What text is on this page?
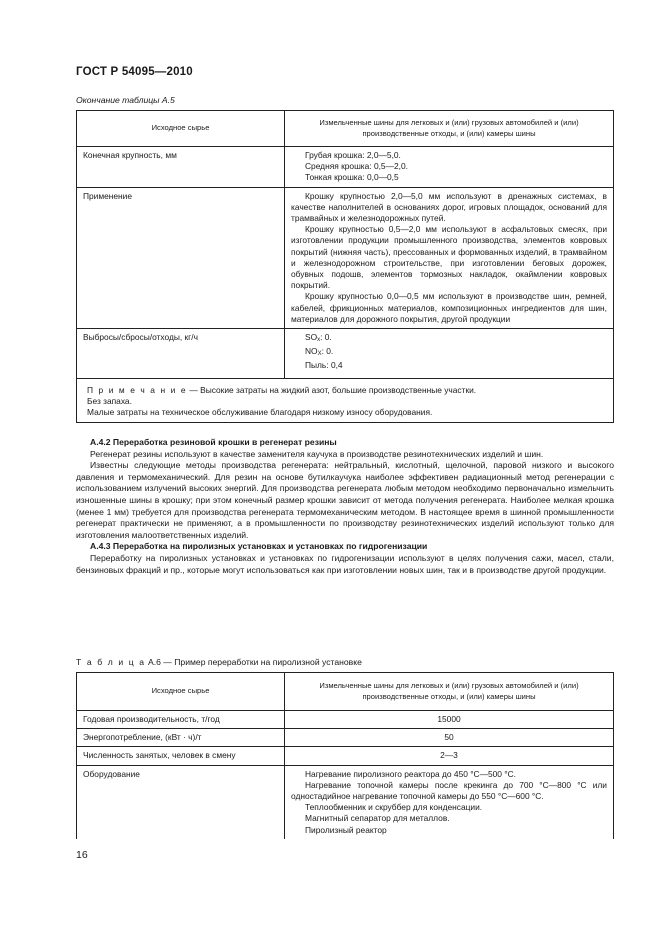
ГОСТ Р 54095—2010
Окончание таблицы А.5
Исходное сырье	Измельченные шины для легковых и (или) грузовых автомобилей и (или) производственные отходы, и (или) камеры шины
Конечная крупность, мм	Грубая крошка: 2,0—5,0.
Средняя крошка: 0,5—2,0.
Тонкая крошка: 0,0—0,5

Применение	Крошку крупностью 2,0—5,0 мм используют в дренажных системах, в качестве наполнителей в основаниях дорог, игровых площадок, оснований для трамвайных и железнодорожных путей.
Крошку крупностью 0,5—2,0 мм используют в асфальтовых смесях, при изготовлении продукции промышленного производства, элементов ковровых покрытий (нижняя часть), прессованных и формованных изделий, в трамвайном и железнодорожном строительстве, при изготовлении беговых дорожек, обувных подошв, элементов тормозных накладок, окаймлении ковровых покрытий.
Крошку крупностью 0,0—0,5 мм используют в производстве шин, ремней, кабелей, фрикционных материалов, композиционных ингредиентов для шин, материалов для дорожного покрытия, другой продукции

Выбросы/сбросы/отходы, кг/ч	$SO_x$: 0.
$NO_X$: 0.
Пыль: 0,4

П р и м е ч а н и е — Высокие затраты на жидкий азот, большие производственные участки.
Без запаха.
Малые затраты на техническое обслуживание благодаря низкому износу оборудования.	

А.4.2 Переработка резиновой крошки в регенерат резины

Регенерат резины используют в качестве заменителя каучука в производстве резинотехнических изделий и шин.

Известны следующие методы производства регенерата: нейтральный, кислотный, щелочной, паровой низкого и высокого давления и термомеханический. Для резин на основе бутилкаучука наиболее эффективен радиационный метод регенерации с использованием излучений высоких энергий. Для производства регенерата любым методом необходимо первоначально измельчить изношенные шины в крошку; при этом конечный размер крошки зависит от метода получения регенерата. Наиболее мелкая крошка (менее 1 мм) требуется для производства регенерата термомеханическим методом. В настоящее время в шинной промышленности регенерат практически не применяют, а в промышленности по производству резинотехнических изделий используют только для изготовления малоответственных изделий.

А.4.3 Переработка на пиролизных установках и установках по гидрогенизации

Переработку на пиролизных установках и установках по гидрогенизации используют в целях получения сажи, масел, стали, бензиновых фракций и пр., которые могут использоваться как при изготовлении новых шин, так и в производстве другой продукции.

Т а б л и ц а А.6 — Пример переработки на пиролизной установке
Исходное сырье	Измельченные шины для легковых и (или) грузовых автомобилей и (или) производственные отходы, и (или) камеры шины
Годовая производительность, т/год	15000
Энергопотребление, (кВт · ч)/т	50
Численность занятых, человек в смену	2—3
Оборудование	Нагревание пиролизного реактора до 450 °С—500 °С.
Нагревание топочной камеры после крекинга до 700 °С—800 °С или одностадийное нагревание топочной камеры до 550 °С—600 °С.
Теплообменник и скруббер для конденсации.
Магнитный сепаратор для металлов.
Пиролизный реактор
16
